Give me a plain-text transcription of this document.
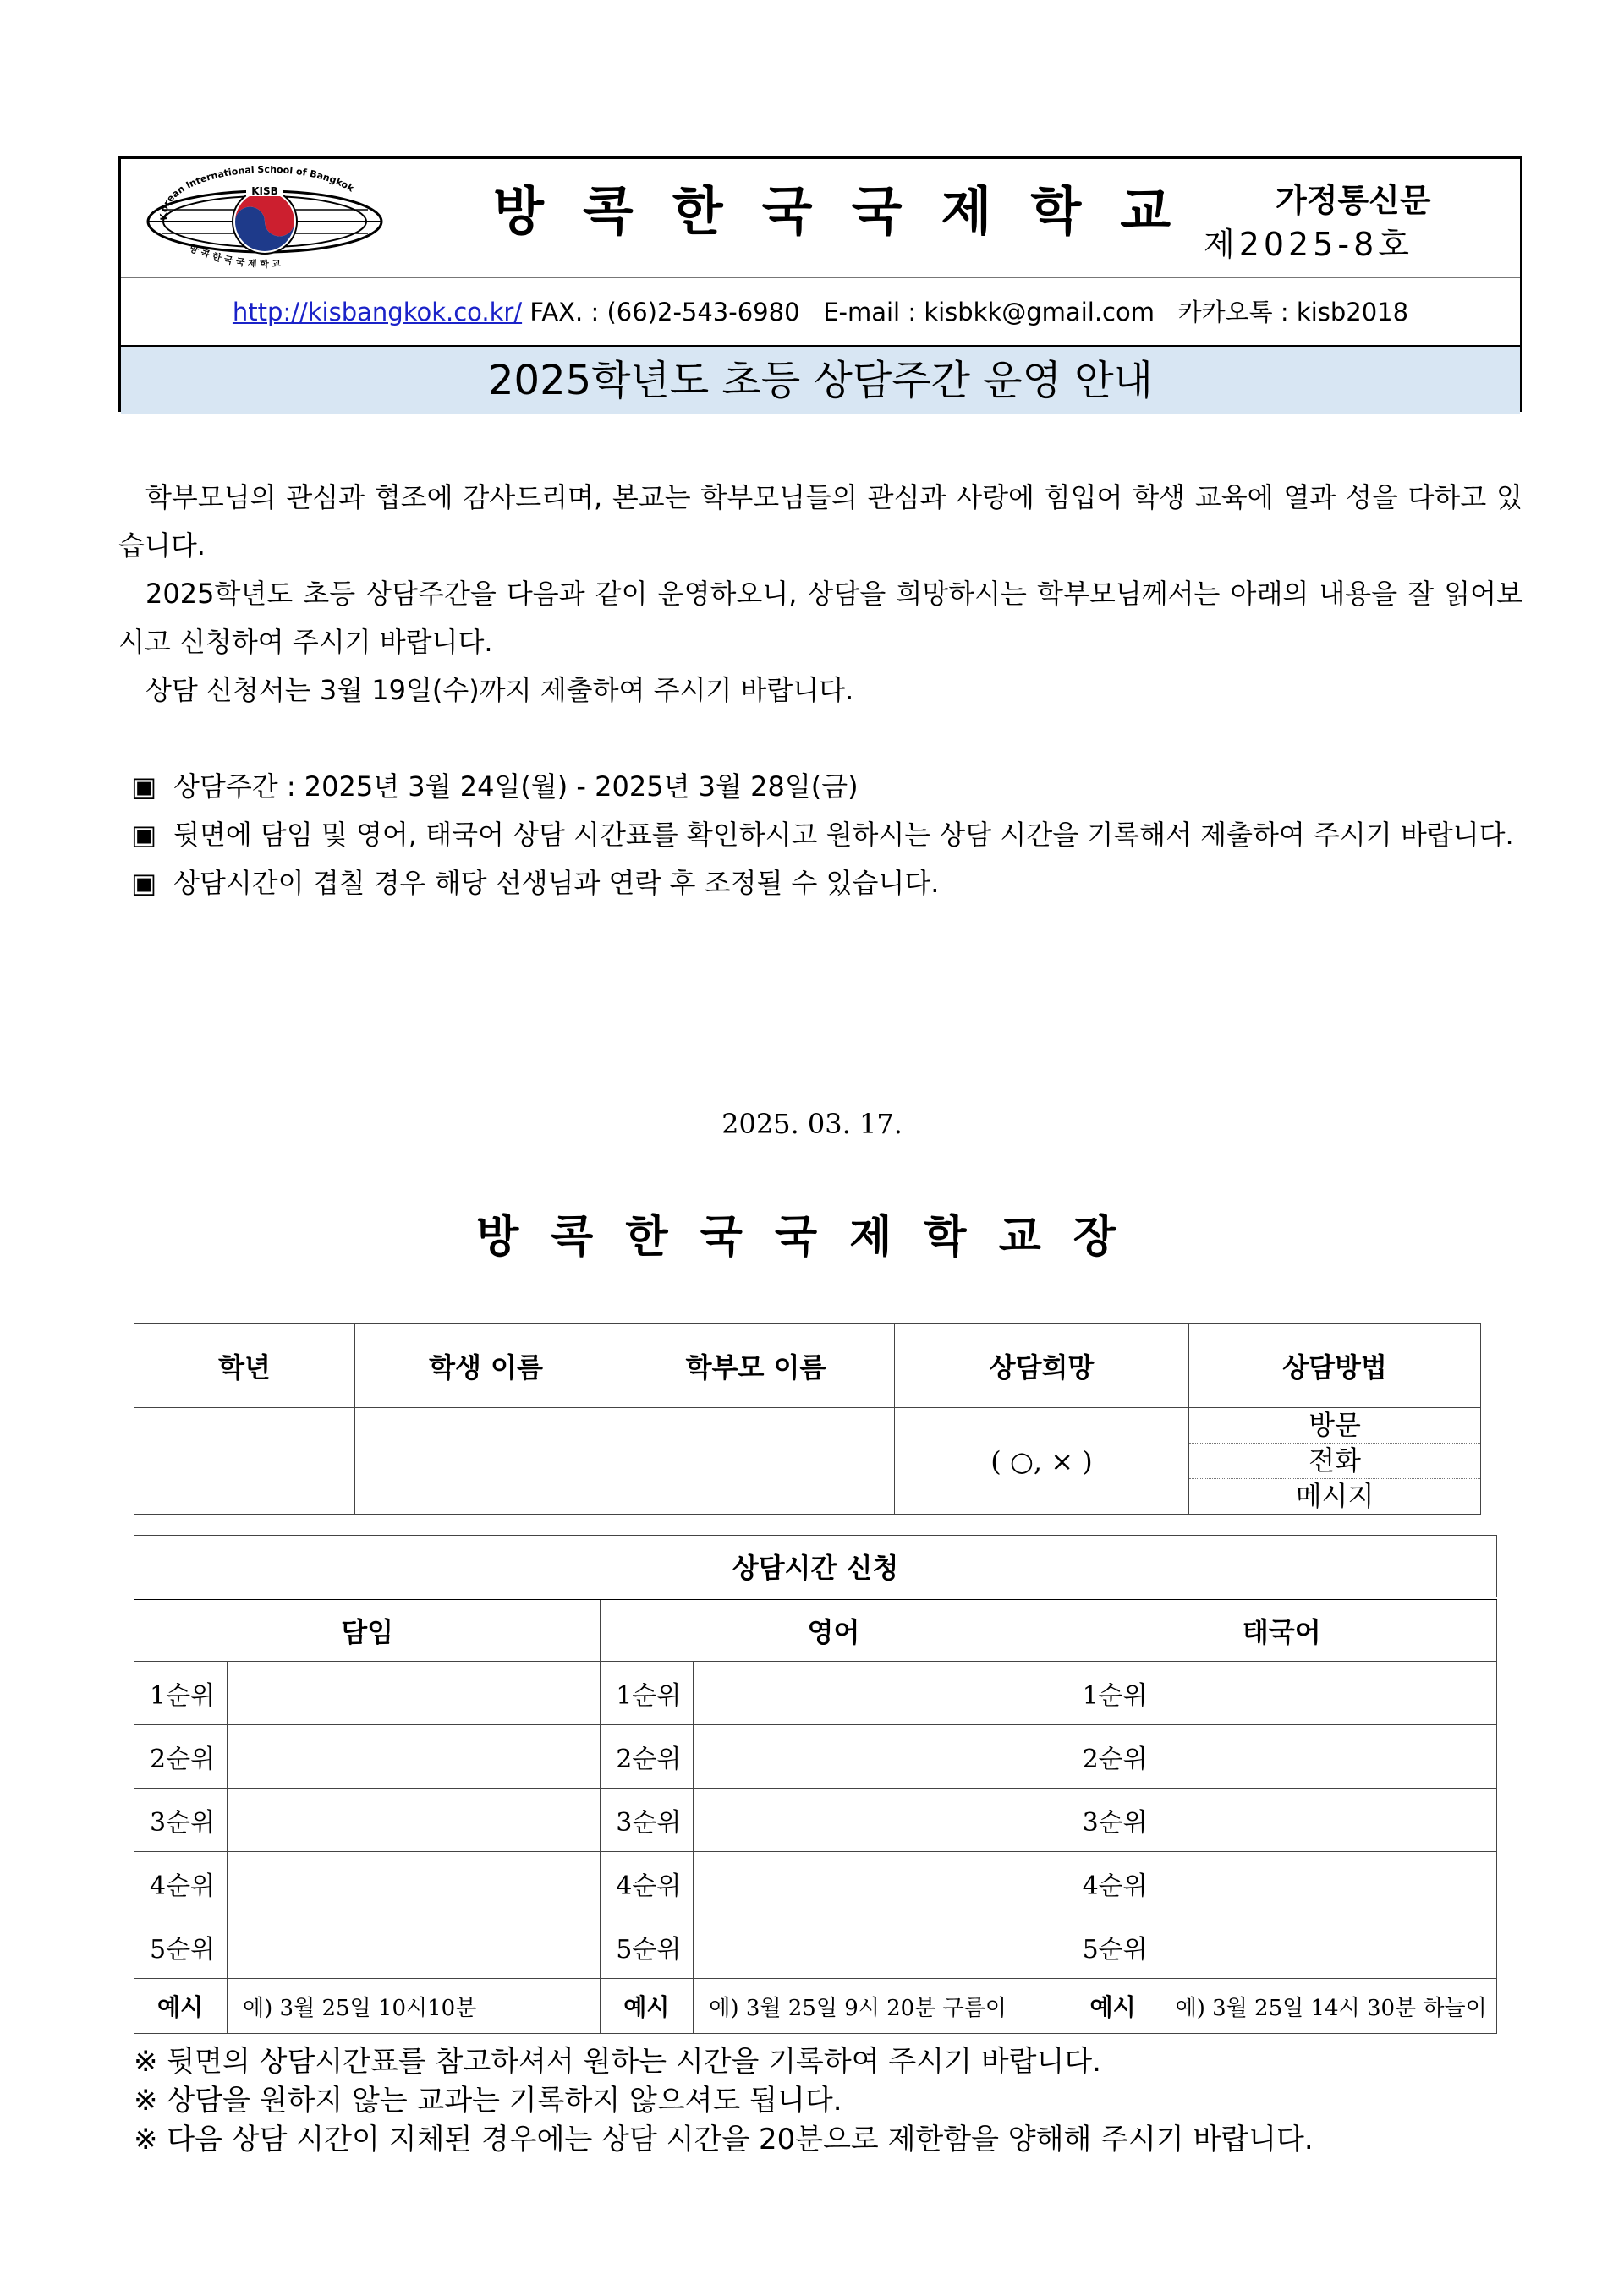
KISB
Korean International School of Bangkok
방 콕 한 국 국 제 학 교
방콕한국국제학교	가정통신문
제2025-8호
http://kisbangkok.co.kr/ FAX. : (66)2-543-6980 E-mail : kisbkk@gmail.com 카카오톡 : kisb2018
2025학년도 초등 상담주간 운영 안내
학부모님의 관심과 협조에 감사드리며, 본교는 학부모님들의 관심과 사랑에 힘입어 학생 교육에 열과 성을 다하고 있습니다.
2025학년도 초등 상담주간을 다음과 같이 운영하오니, 상담을 희망하시는 학부모님께서는 아래의 내용을 잘 읽어보시고 신청하여 주시기 바랍니다.
상담 신청서는 3월 19일(수)까지 제출하여 주시기 바랍니다.
▣ 상담주간 : 2025년 3월 24일(월) - 2025년 3월 28일(금)
▣ 뒷면에 담임 및 영어, 태국어 상담 시간표를 확인하시고 원하시는 상담 시간을 기록해서 제출하여 주시기 바랍니다.
▣ 상담시간이 겹칠 경우 해당 선생님과 연락 후 조정될 수 있습니다.
2025. 03. 17.
방콕한국국제학교장
학년	학생 이름	학부모 이름	상담희망	상담방법
			( ○, × )	방문
전화
메시지
상담시간 신청					
담임		영어		태국어	
1순위		1순위		1순위	
2순위		2순위		2순위	
3순위		3순위		3순위	
4순위		4순위		4순위	
5순위		5순위		5순위	
예시	예) 3월 25일 10시10분	예시	예) 3월 25일 9시 20분 구름이	예시	예) 3월 25일 14시 30분 하늘이
※ 뒷면의 상담시간표를 참고하셔서 원하는 시간을 기록하여 주시기 바랍니다.
※ 상담을 원하지 않는 교과는 기록하지 않으셔도 됩니다.
※ 다음 상담 시간이 지체된 경우에는 상담 시간을 20분으로 제한함을 양해해 주시기 바랍니다.
